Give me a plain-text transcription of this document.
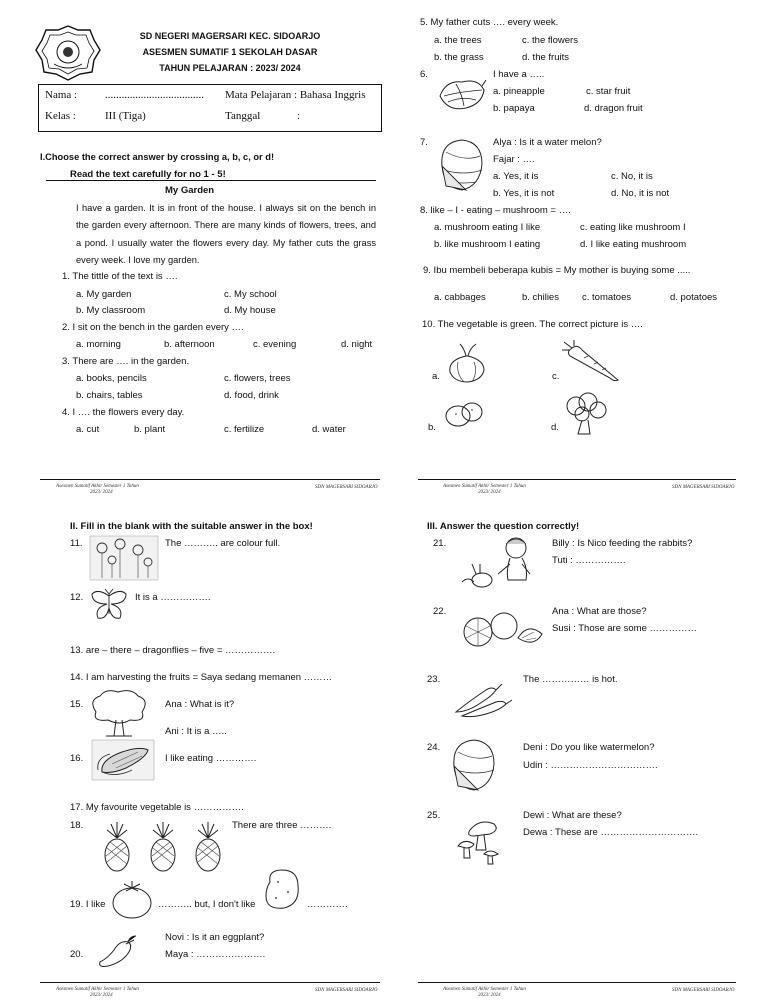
SD NEGERI MAGERSARI KEC. SIDOARJO
ASESMEN SUMATIF 1 SEKOLAH DASAR
TAHUN PELAJARAN : 2023/ 2024
Nama :	.................................... Mata Pelajaran : Bahasa Inggris
Kelas :	III (Tiga)	Tanggal	:
I.Choose the correct answer by crossing a, b, c, or d!
Read the text carefully for no 1 - 5!
My Garden
I have a garden. It is in front of the house. I always sit on the bench in the garden every afternoon. There are many kinds of flowers, trees, and a pond. I usually water the flowers every day. My father cuts the grass every week. I love my garden.
1. The tittle of the text is ….
a. My garden	c. My school
b. My classroom	d. My house
2. I sit on the bench in the garden every ….
a. morning	b. afternoon	c. evening	d. night
3. There are …. in the garden.
a. books, pencils	c. flowers, trees
b. chairs, tables	d. food, drink
4. I …. the flowers every day.
a. cut	b. plant	c. fertilize	d. water
5. My father cuts …. every week.
a. the trees	c. the flowers
b. the grass	d. the fruits
6.	I have a …..
a. pineapple	c. star fruit
b. papaya	d. dragon fruit
7.	Alya : Is it a water melon?
Fajar : ….
a. Yes, it is	c. No, it is
b. Yes, it is not	d. No, it is not
8. like – I - eating – mushroom = ….
a. mushroom eating I like	c. eating like mushroom I
b. like mushroom I eating	d. I like eating mushroom
9. Ibu membeli beberapa kubis = My mother is buying some .....
a. cabbages	b. chilies c. tomatoes	d. potatoes
10. The vegetable is green. The correct picture is ….
a.	c.
b.	d.
Asesmen Sumatif Akhir Semester 1 Tahun
2023/ 2024
SDN MAGERSARI SIDOARJO	Asesmen Sumatif Akhir Semester 1 Tahun
2023/ 2024
SDN MAGERSARI SIDOARJO
II. Fill in the blank with the suitable answer in the box!
11.	The ……….. are colour full.
12.	It is a …………….
13. are – there – dragonflies – five = …………….
14. I am harvesting the fruits = Saya sedang memanen ………
15.	Ana : What is it?
Ani : It is a …..
16.	I like eating ………….
17. My favourite vegetable is …………….
18.	There are three ……….
19. I like	……….. but, I don't like	………….
Novi : Is it an eggplant?
20.	Maya : ………………….
III. Answer the question correctly!
21.	Billy : Is Nico feeding the rabbits?
Tuti : …………….
22.	Ana : What are those?
Susi : Those are some ……………
23.	The …………… is hot.
24.	Deni : Do you like watermelon?
Udin : …………………………….
25.	Dewi : What are these?
Dewa : These are ………………………….
Asesmen Sumatif Akhir Semester 1 Tahun
2023/ 2024
SDN MAGERSARI SIDOARJO	Asesmen Sumatif Akhir Semester 1 Tahun
2023/ 2024
SDN MAGERSARI SIDOARJO
